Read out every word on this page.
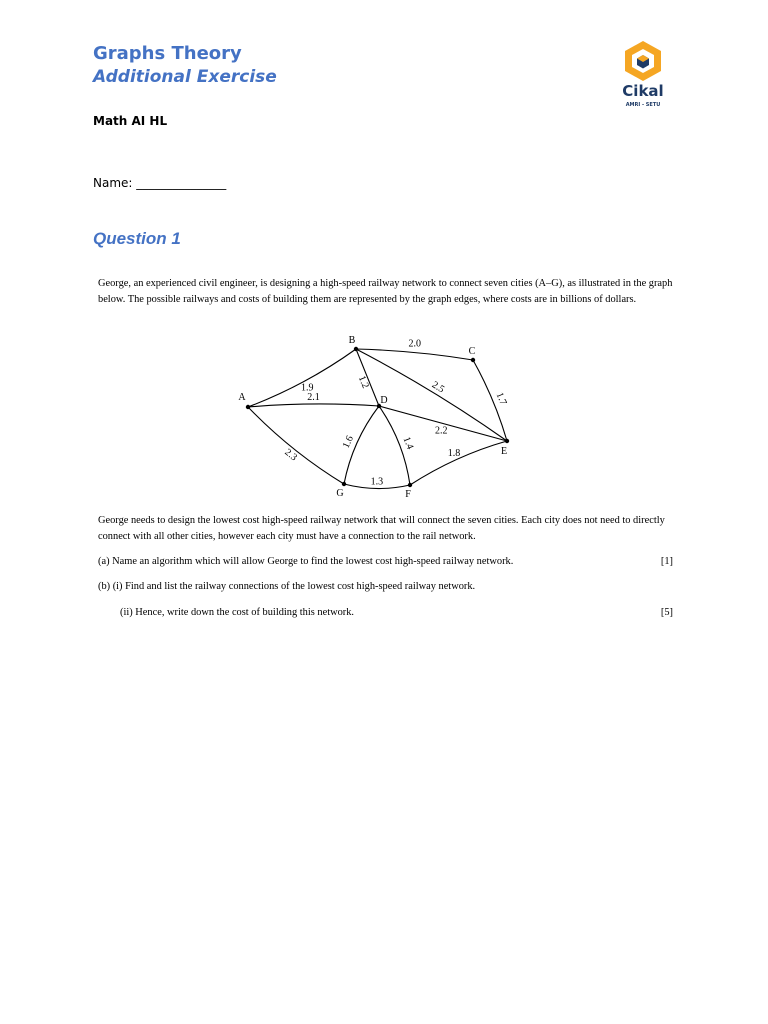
Graphs Theory
Additional Exercise
Math AI HL
Name: _______________
Cikal
AMRI - SETU
Question 1
George, an experienced civil engineer, is designing a high-speed railway network to connect seven cities (A–G), as illustrated in the graph below. The possible railways and costs of building them are represented by the graph edges, where costs are in billions of dollars.
1.9
2.0
1.2	2.5
1.7
2.1
2.2
2.3
1.6	1.4
1.3
1.8
A
B
C
D
E
F
G
George needs to design the lowest cost high-speed railway network that will connect the seven cities. Each city does not need to directly connect with all other cities, however each city must have a connection to the rail network.
(a) Name an algorithm which will allow George to find the lowest cost high-speed railway network.	[1]
(b) (i) Find and list the railway connections of the lowest cost high-speed railway network.
(ii) Hence, write down the cost of building this network.	[5]
